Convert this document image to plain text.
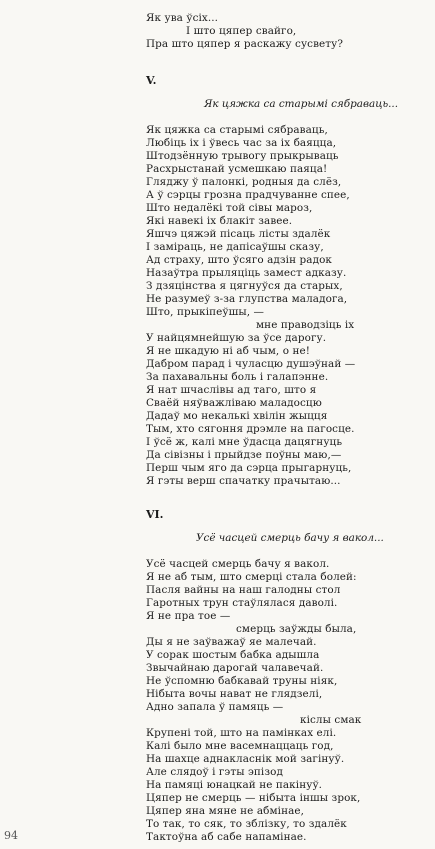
Як ува ўсіх...
І што цяпер свайго,
Пра што цяпер я раскажу сусвету?
V.
Як цяжка са старымі сябраваць...
Як цяжка са старымі сябраваць,
Любіць іх і ўвесь час за іх баяцца,
Штодзённую трывогу прыкрываць
Расхрыстанай усмешкаю паяца!
Гляджу ў палонкі, родныя да слёз,
А ў сэрцы грозна прадчуванне спее,
Што недалёкі той сівы мароз,
Які навекі іх блакіт завее.
Яшчэ цяжэй пісаць лісты здалёк
І заміраць, не дапісаўшы сказу,
Ад страху, што ўсяго адзін радок
Назаўтра прыляціць замест адказу.
З дзяцінства я цягнуўся да старых,
Не разумеў з-за глупства маладога,
Што, прыкіпеўшы, —
мне праводзіць іх
У найцямнейшую за ўсе дарогу.
Я не шкадую ні аб чым, о не!
Дабром парад і чуласцю душэўнай —
За пахавальны боль і галапэнне.
Я нат шчаслівы ад таго, што я
Сваёй няўважліваю маладосцю
Дадаў мо некалькі хвілін жыцця
Тым, хто сягоння дрэмле на пагосце.
І ўсё ж, калі мне ўдасца дацягнуць
Да сівізны і прыйдзе поўны маю,—
Перш чым яго да сэрца прыгарнуць,
Я гэты верш спачатку прачытаю...
VI.
Усё часцей смерць бачу я вакол...
Усё часцей смерць бачу я вакол.
Я не аб тым, што смерці стала болей:
Пасля вайны на наш галодны стол
Гаротных трун стаўлялася даволі.
Я не пра тое —
смерць заўжды была,
Ды я не заўважаў яе малечай.
У сорак шостым бабка адышла
Звычайнаю дарогай чалавечай.
Не ўспомню бабкавай труны ніяк,
Нібыта вочы нават не глядзелі,
Адно запала ў памяць —
кіслы смак
Крупені той, што на памінках елі.
Калі было мне васемнаццаць год,
На шахце аднакласнік мой загінуў.
Але слядоў і гэты эпізод
На памяці юнацкай не пакінуў.
Цяпер не смерць — нібыта іншы зрок,
Цяпер яна мяне не абмінае,
То так, то сяк, то зблізку, то здалёк
Тактоўна аб сабе напамінае.
94
